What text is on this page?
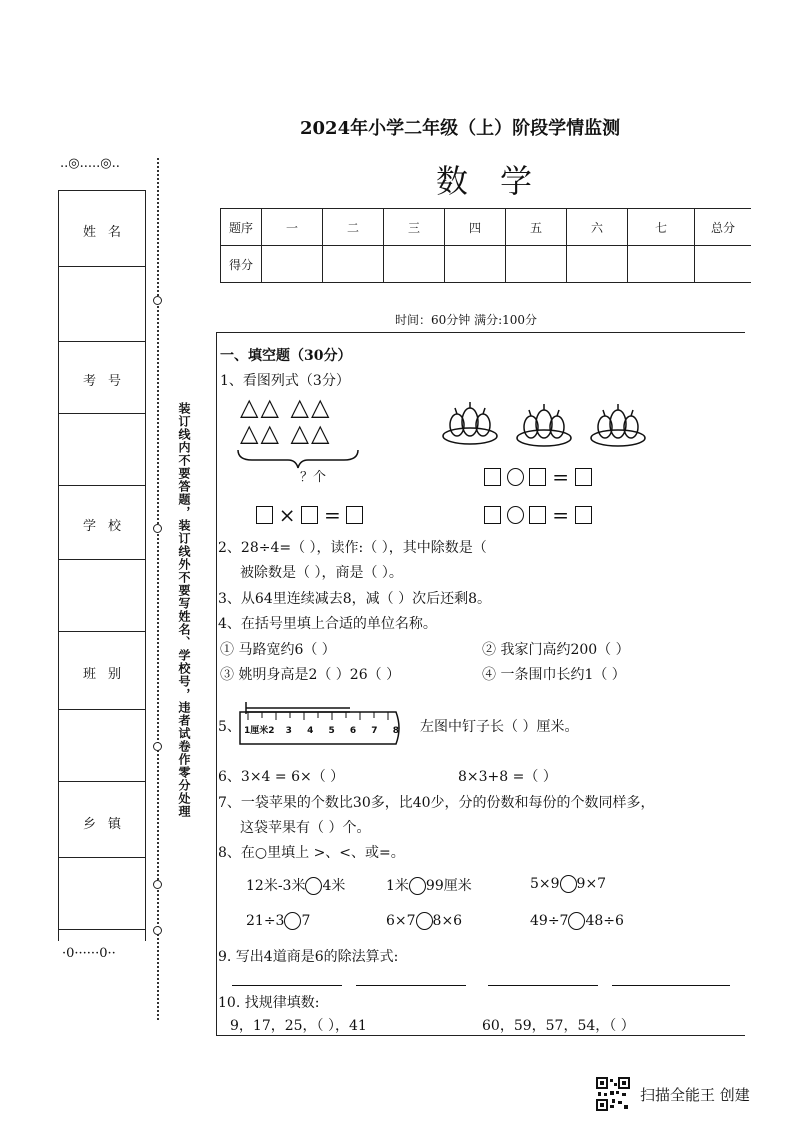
..◎.....◎..
姓名
考号
学校
班别
乡镇
·0······0··
装订线内不要答题，装订线外不要写姓名、学校号，违者试卷作零分处理
2024年小学二年级（上）阶段学情监测
数学
题序	一	二	三	四	五	六	七	总分
得分								
时间：60分钟 满分:100分
一、填空题（30分）
1、看图列式（3分）
△△ △△
△△ △△
？个	=
× =	=
2、28÷4=（ ），读作:（ ），其中除数是（
被除数是（ ），商是（ ）。
3、从64里连续减去8，减（ ）次后还剩8。
4、在括号里填上合适的单位名称。
① 马路宽约6（ ）	② 我家门高约200（ ）
③ 姚明身高是2（ ）26（ ）	④ 一条围巾长约1（ ）
5、 1厘米2 3 4 5 6 7 8 左图中钉子长（ ）厘米。
6、3×4 = 6×（ ）	8×3+8 =（ ）
7、一袋苹果的个数比30多，比40少，分的份数和每份的个数同样多，
这袋苹果有（ ）个。
8、在○里填上 >、<、或=。
12米-3米 4米	1米 99厘米	5×9 9×7
21÷3 7	6×7 8×6	49÷7 48÷6
9. 写出4道商是6的除法算式:
10. 找规律填数:
9，17，25，（ ），41	60，59，57，54，（ ）
扫描全能王 创建
